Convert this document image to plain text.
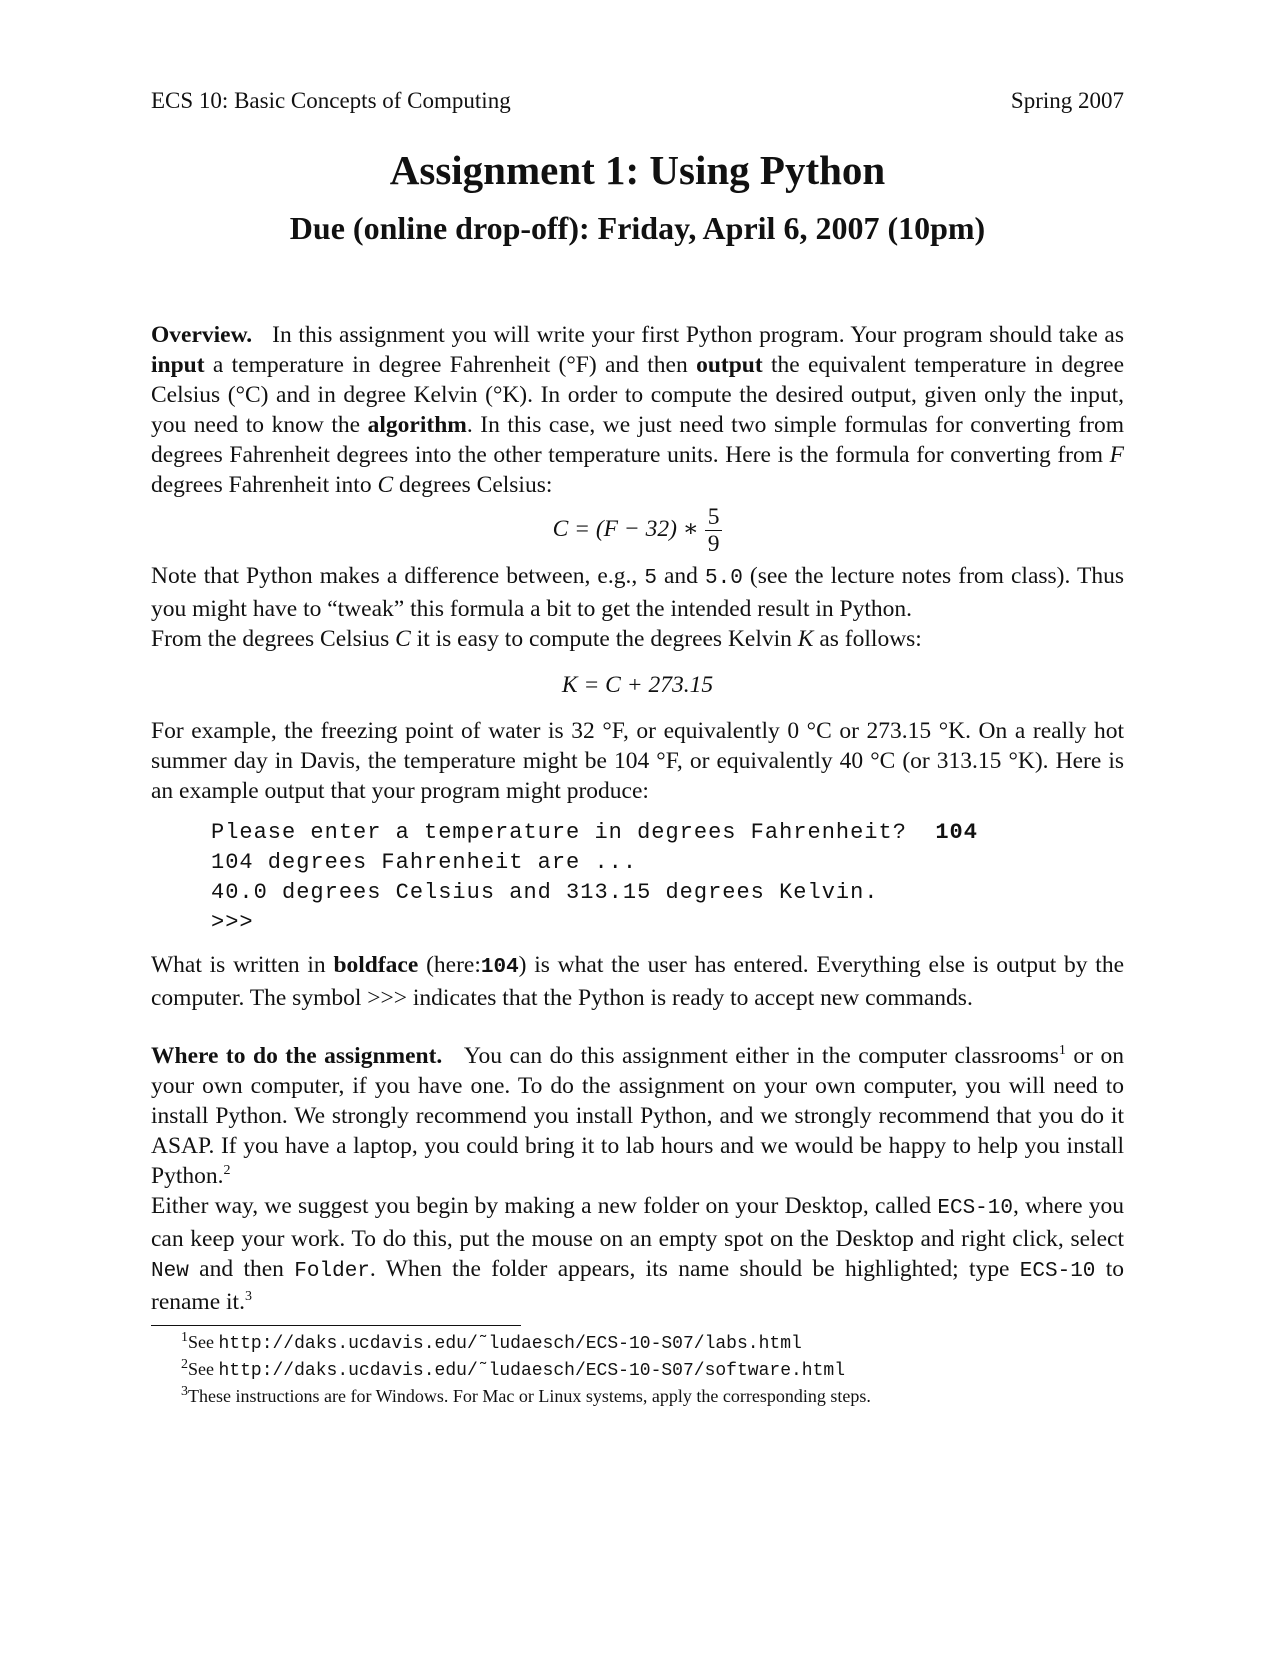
ECS 10: Basic Concepts of Computing	Spring 2007
Assignment 1: Using Python
Due (online drop-off): Friday, April 6, 2007 (10pm)

Overview. In this assignment you will write your first Python program. Your program should take as input a temperature in degree Fahrenheit (°F) and then output the equivalent temperature in degree Celsius (°C) and in degree Kelvin (°K). In order to compute the desired output, given only the input, you need to know the algorithm. In this case, we just need two simple formulas for converting from degrees Fahrenheit degrees into the other temperature units. Here is the formula for converting from F degrees Fahrenheit into C degrees Celsius:

C = (F − 32) ∗ $\frac{5}{9}$

Note that Python makes a difference between, e.g., 5 and 5.0 (see the lecture notes from class). Thus you might have to “tweak” this formula a bit to get the intended result in Python.

From the degrees Celsius C it is easy to compute the degrees Kelvin K as follows:

K = C + 273.15

For example, the freezing point of water is 32 °F, or equivalently 0 °C or 273.15 °K. On a really hot summer day in Davis, the temperature might be 104 °F, or equivalently 40 °C (or 313.15 °K). Here is an example output that your program might produce:

Please enter a temperature in degrees Fahrenheit?  104
104 degrees Fahrenheit are ...
40.0 degrees Celsius and 313.15 degrees Kelvin.
>>>

What is written in boldface (here:104) is what the user has entered. Everything else is output by the computer. The symbol >>> indicates that the Python is ready to accept new commands.

Where to do the assignment. You can do this assignment either in the computer classrooms$^1$ or on your own computer, if you have one. To do the assignment on your own computer, you will need to install Python. We strongly recommend you install Python, and we strongly recommend that you do it ASAP. If you have a laptop, you could bring it to lab hours and we would be happy to help you install Python.$^2$

Either way, we suggest you begin by making a new folder on your Desktop, called ECS-10, where you can keep your work. To do this, put the mouse on an empty spot on the Desktop and right click, select New and then Folder. When the folder appears, its name should be highlighted; type ECS-10 to rename it.$^3$

$^1$See http://daks.ucdavis.edu/˜ludaesch/ECS-10-S07/labs.html
$^2$See http://daks.ucdavis.edu/˜ludaesch/ECS-10-S07/software.html
$^3$These instructions are for Windows. For Mac or Linux systems, apply the corresponding steps.
